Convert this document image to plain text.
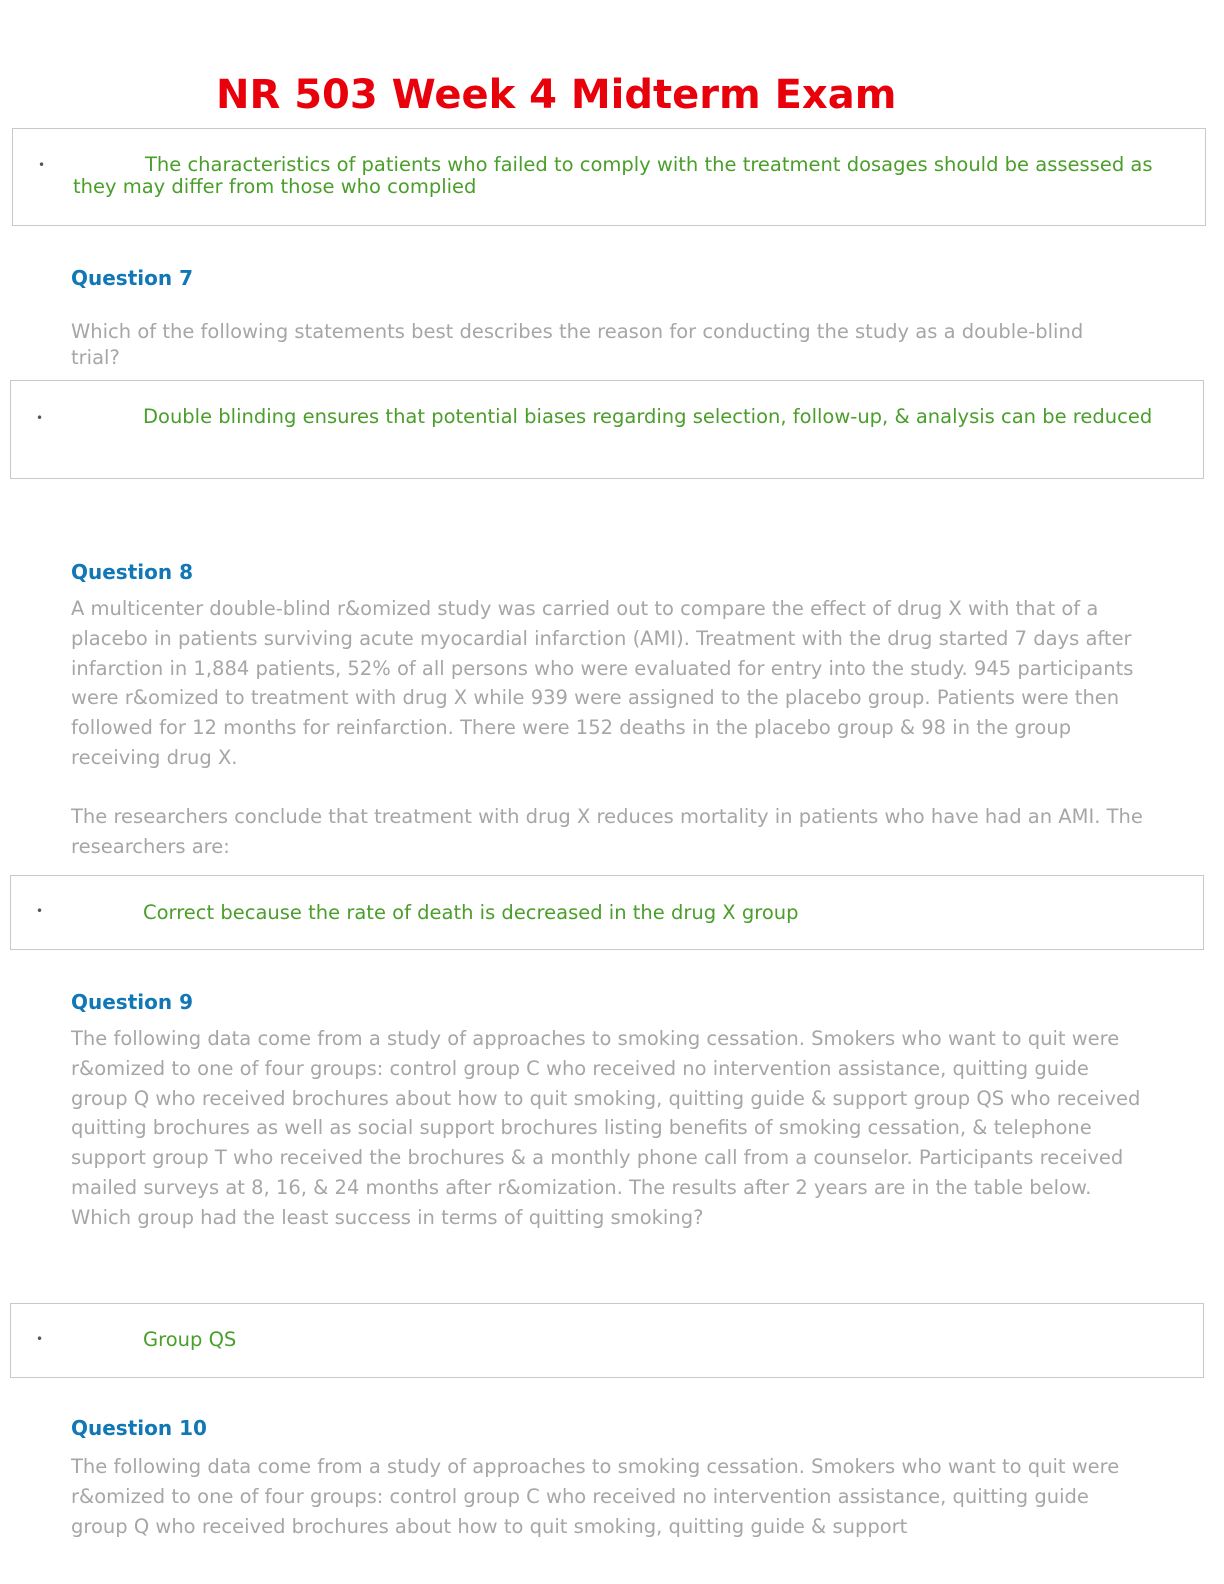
NR 503 Week 4 Midterm Exam
•	The characteristics of patients who failed to comply with the treatment dosages should be assessed as they may differ from those who complied
Question 7

Which of the following statements best describes the reason for conducting the study as a double-blind trial?

•	Double blinding ensures that potential biases regarding selection, follow-up, & analysis can be reduced
Question 8

A multicenter double-blind r&omized study was carried out to compare the effect of drug X with that of a placebo in patients surviving acute myocardial infarction (AMI). Treatment with the drug started 7 days after infarction in 1,884 patients, 52% of all persons who were evaluated for entry into the study. 945 participants were r&omized to treatment with drug X while 939 were assigned to the placebo group. Patients were then followed for 12 months for reinfarction. There were 152 deaths in the placebo group & 98 in the group receiving drug X.

The researchers conclude that treatment with drug X reduces mortality in patients who have had an AMI. The researchers are:

•	Correct because the rate of death is decreased in the drug X group
Question 9

The following data come from a study of approaches to smoking cessation. Smokers who want to quit were r&omized to one of four groups: control group C who received no intervention assistance, quitting guide group Q who received brochures about how to quit smoking, quitting guide & support group QS who received quitting brochures as well as social support brochures listing benefits of smoking cessation, & telephone support group T who received the brochures & a monthly phone call from a counselor. Participants received mailed surveys at 8, 16, & 24 months after r&omization. The results after 2 years are in the table below. Which group had the least success in terms of quitting smoking?

•	Group QS
Question 10

The following data come from a study of approaches to smoking cessation. Smokers who want to quit were r&omized to one of four groups: control group C who received no intervention assistance, quitting guide group Q who received brochures about how to quit smoking, quitting guide & support
